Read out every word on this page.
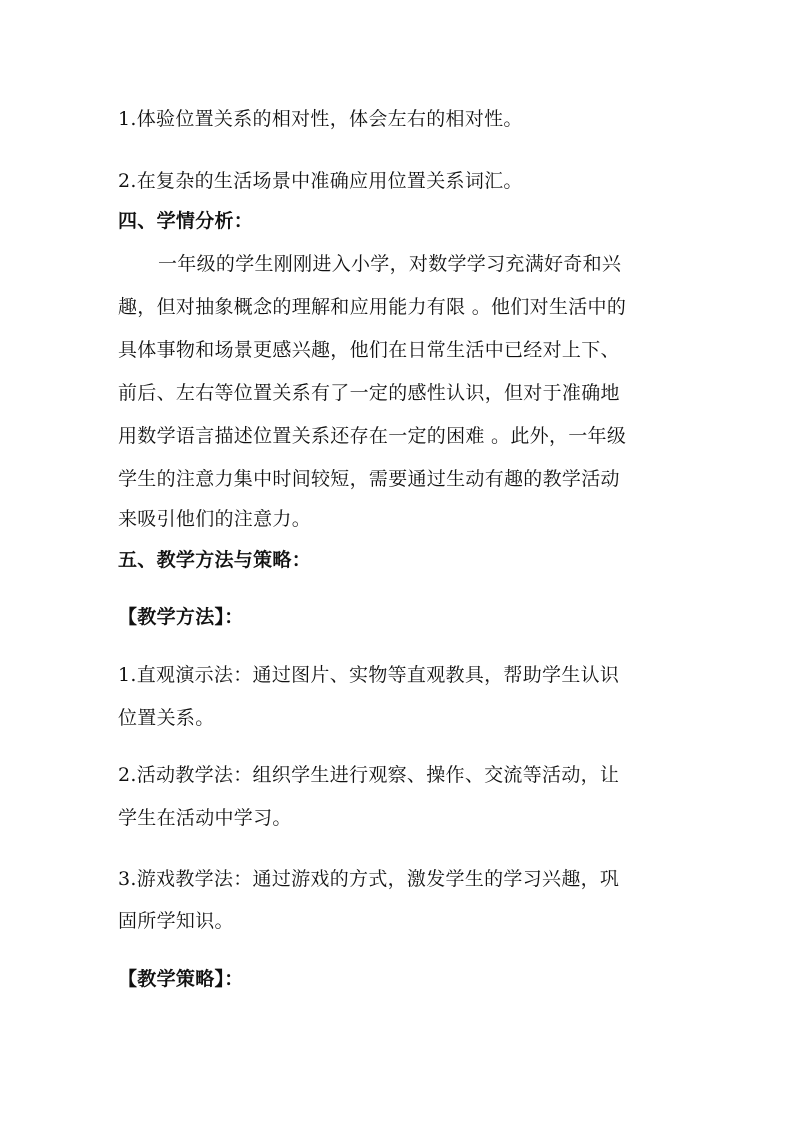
1.体验位置关系的相对性，体会左右的相对性。
2.在复杂的生活场景中准确应用位置关系词汇。
四、学情分析：
一年级的学生刚刚进入小学，对数学学习充满好奇和兴
趣，但对抽象概念的理解和应用能力有限 。他们对生活中的
具体事物和场景更感兴趣，他们在日常生活中已经对上下、
前后、左右等位置关系有了一定的感性认识，但对于准确地
用数学语言描述位置关系还存在一定的困难 。此外，一年级
学生的注意力集中时间较短，需要通过生动有趣的教学活动
来吸引他们的注意力。
五、教学方法与策略：
【教学方法】：
1.直观演示法：通过图片、实物等直观教具，帮助学生认识
位置关系。
2.活动教学法：组织学生进行观察、操作、交流等活动，让
学生在活动中学习。
3.游戏教学法：通过游戏的方式，激发学生的学习兴趣，巩
固所学知识。
【教学策略】：
